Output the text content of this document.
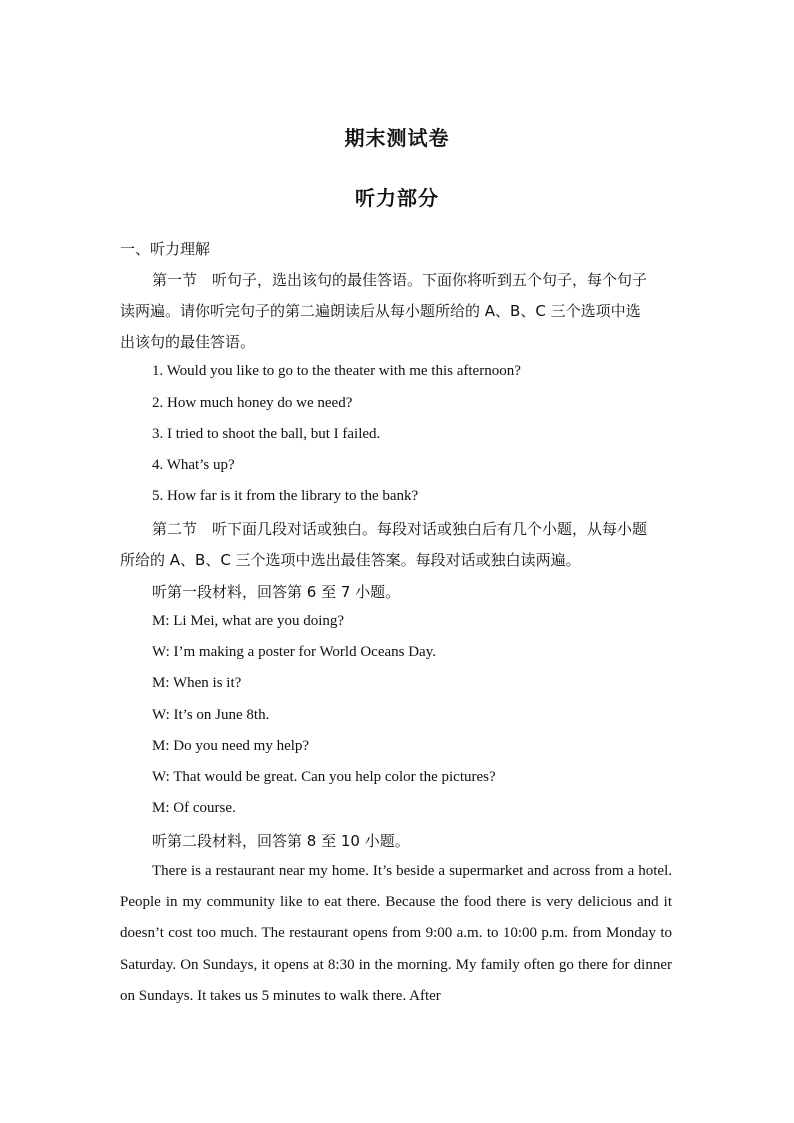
期末测试卷
听力部分
一、听力理解
第一节　听句子，选出该句的最佳答语。下面你将听到五个句子，每个句子
读两遍。请你听完句子的第二遍朗读后从每小题所给的 A、B、C 三个选项中选
出该句的最佳答语。
1. Would you like to go to the theater with me this afternoon?
2. How much honey do we need?
3. I tried to shoot the ball, but I failed.
4. What’s up?
5. How far is it from the library to the bank?
第二节　听下面几段对话或独白。每段对话或独白后有几个小题，从每小题
所给的 A、B、C 三个选项中选出最佳答案。每段对话或独白读两遍。
听第一段材料，回答第 6 至 7 小题。
M: Li Mei, what are you doing?
W: I’m making a poster for World Oceans Day.
M: When is it?
W: It’s on June 8th.
M: Do you need my help?
W: That would be great. Can you help color the pictures?
M: Of course.
听第二段材料，回答第 8 至 10 小题。
There is a restaurant near my home. It’s beside a supermarket and across from a hotel. People in my community like to eat there. Because the food there is very delicious and it doesn’t cost too much. The restaurant opens from 9:00 a.m. to 10:00 p.m. from Monday to Saturday. On Sundays, it opens at 8:30 in the morning. My family often go there for dinner on Sundays. It takes us 5 minutes to walk there. After
